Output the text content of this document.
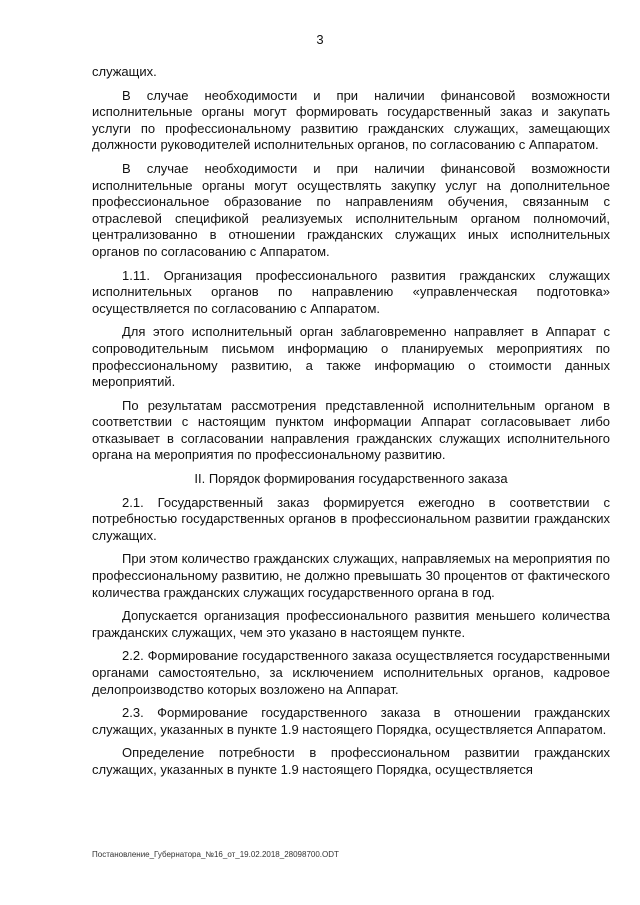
3

служащих.

В случае необходимости и при наличии финансовой возможности исполнительные органы могут формировать государственный заказ и закупать услуги по профессиональному развитию гражданских служащих, замещающих должности руководителей исполнительных органов, по согласованию с Аппаратом.

В случае необходимости и при наличии финансовой возможности исполнительные органы могут осуществлять закупку услуг на дополнительное профессиональное образование по направлениям обучения, связанным с отраслевой спецификой реализуемых исполнительным органом полномочий, централизованно в отношении гражданских служащих иных исполнительных органов по согласованию с Аппаратом.

1.11. Организация профессионального развития гражданских служащих исполнительных органов по направлению «управленческая подготовка» осуществляется по согласованию с Аппаратом.

Для этого исполнительный орган заблаговременно направляет в Аппарат с сопроводительным письмом информацию о планируемых мероприятиях по профессиональному развитию, а также информацию о стоимости данных мероприятий.

По результатам рассмотрения представленной исполнительным органом в соответствии с настоящим пунктом информации Аппарат согласовывает либо отказывает в согласовании направления гражданских служащих исполнительного органа на мероприятия по профессиональному развитию.

II. Порядок формирования государственного заказа

2.1. Государственный заказ формируется ежегодно в соответствии с потребностью государственных органов в профессиональном развитии гражданских служащих.

При этом количество гражданских служащих, направляемых на мероприятия по профессиональному развитию, не должно превышать 30 процентов от фактического количества гражданских служащих государственного органа в год.

Допускается организация профессионального развития меньшего количества гражданских служащих, чем это указано в настоящем пункте.

2.2. Формирование государственного заказа осуществляется государственными органами самостоятельно, за исключением исполнительных органов, кадровое делопроизводство которых возложено на Аппарат.

2.3. Формирование государственного заказа в отношении гражданских служащих, указанных в пункте 1.9 настоящего Порядка, осуществляется Аппаратом.

Определение потребности в профессиональном развитии гражданских служащих, указанных в пункте 1.9 настоящего Порядка, осуществляется

Постановление_Губернатора_№16_от_19.02.2018_28098700.ODT
